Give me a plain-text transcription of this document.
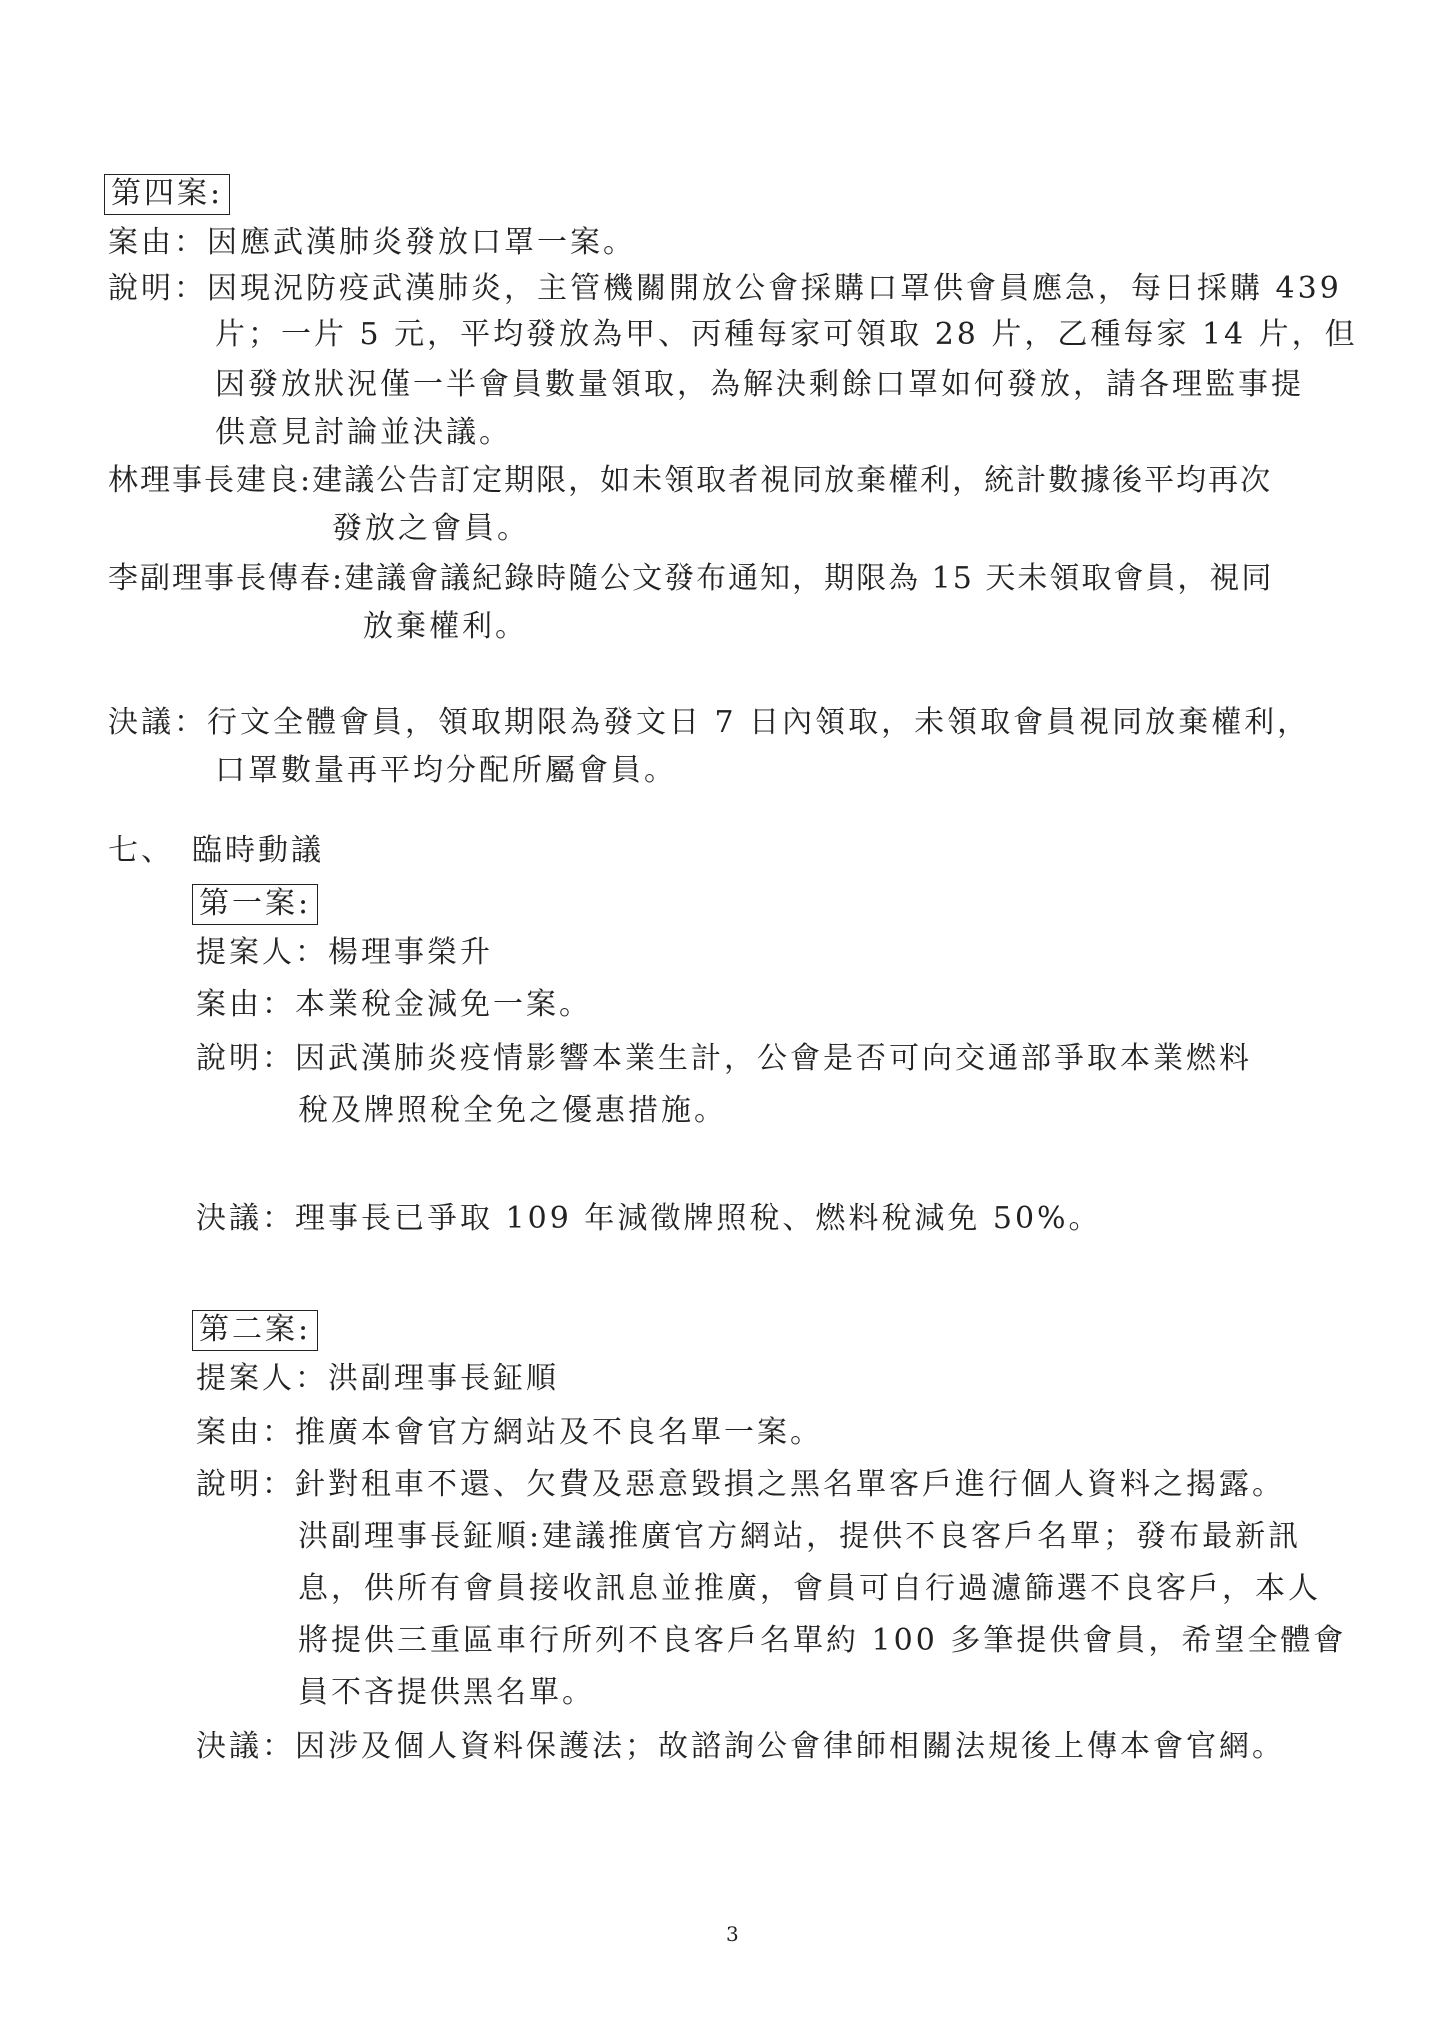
第四案:
案由：因應武漢肺炎發放口罩一案。
說明：因現況防疫武漢肺炎，主管機關開放公會採購口罩供會員應急，每日採購 439
片；一片 5 元，平均發放為甲、丙種每家可領取 28 片，乙種每家 14 片，但
因發放狀況僅一半會員數量領取，為解決剩餘口罩如何發放，請各理監事提
供意見討論並決議。
林理事長建良:建議公告訂定期限，如未領取者視同放棄權利，統計數據後平均再次
發放之會員。
李副理事長傳春:建議會議紀錄時隨公文發布通知，期限為 15 天未領取會員，視同
放棄權利。
決議：行文全體會員，領取期限為發文日 7 日內領取，未領取會員視同放棄權利，
口罩數量再平均分配所屬會員。
七、　臨時動議
第一案:
提案人：楊理事榮升
案由：本業稅金減免一案。
說明：因武漢肺炎疫情影響本業生計，公會是否可向交通部爭取本業燃料
稅及牌照稅全免之優惠措施。
決議：理事長已爭取 109 年減徵牌照稅、燃料稅減免 50%。
第二案:
提案人：洪副理事長鉦順
案由：推廣本會官方網站及不良名單一案。
說明：針對租車不還、欠費及惡意毀損之黑名單客戶進行個人資料之揭露。
洪副理事長鉦順:建議推廣官方網站，提供不良客戶名單；發布最新訊
息，供所有會員接收訊息並推廣，會員可自行過濾篩選不良客戶，本人
將提供三重區車行所列不良客戶名單約 100 多筆提供會員，希望全體會
員不吝提供黑名單。
決議：因涉及個人資料保護法；故諮詢公會律師相關法規後上傳本會官網。
3
